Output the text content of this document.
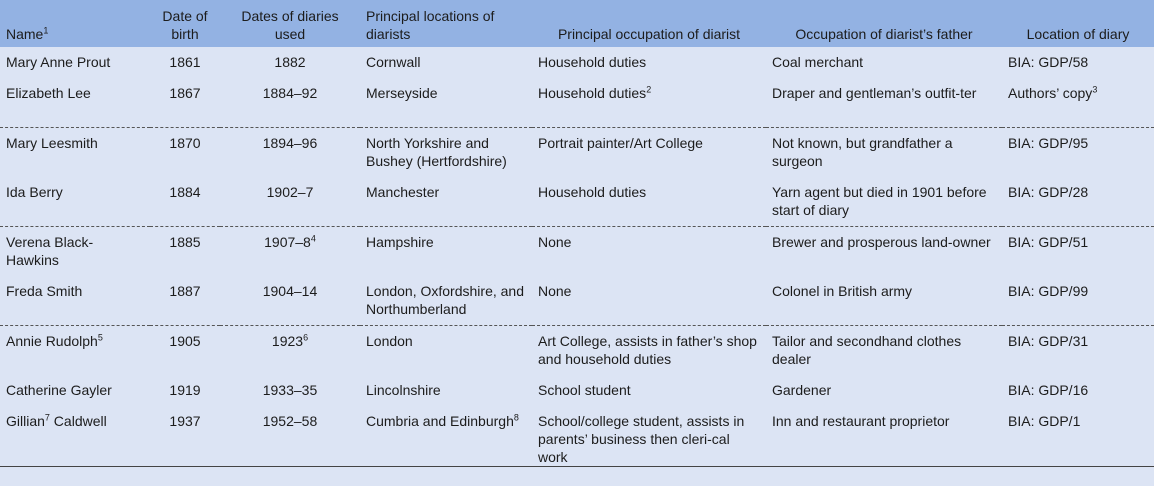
Name$^1$	Date of birth	Dates of diaries used	Principal locations of diarists	Principal occupation of diarist	Occupation of diarist’s father	Location of diary
Mary Anne Prout	1861	1882	Cornwall	Household duties	Coal merchant	BIA: GDP/58
Elizabeth Lee	1867	1884–92	Merseyside	Household duties$^2$	Draper and gentleman’s outfit-ter	Authors’ copy$^3$
Mary Leesmith	1870	1894–96	North Yorkshire and Bushey (Hertfordshire)	Portrait painter/Art College	Not known, but grandfather a surgeon	BIA: GDP/95
Ida Berry	1884	1902–7	Manchester	Household duties	Yarn agent but died in 1901 before start of diary	BIA: GDP/28
Verena Black-Hawkins	1885	$1907-8^4$	Hampshire	None	Brewer and prosperous land-owner	BIA: GDP/51
Freda Smith	1887	1904–14	London, Oxfordshire, and Northumberland	None	Colonel in British army	BIA: GDP/99
Annie Rudolph$^5$	1905	1923$^6$	London	Art College, assists in father’s shop and household duties	Tailor and secondhand clothes dealer	BIA: GDP/31
Catherine Gayler	1919	1933–35	Lincolnshire	School student	Gardener	BIA: GDP/16
Gillian$^7$ Caldwell	1937	1952–58	Cumbria and Edinburgh$^8$	School/college student, assists in parents’ business then cleri-cal work	Inn and restaurant proprietor	BIA: GDP/1
